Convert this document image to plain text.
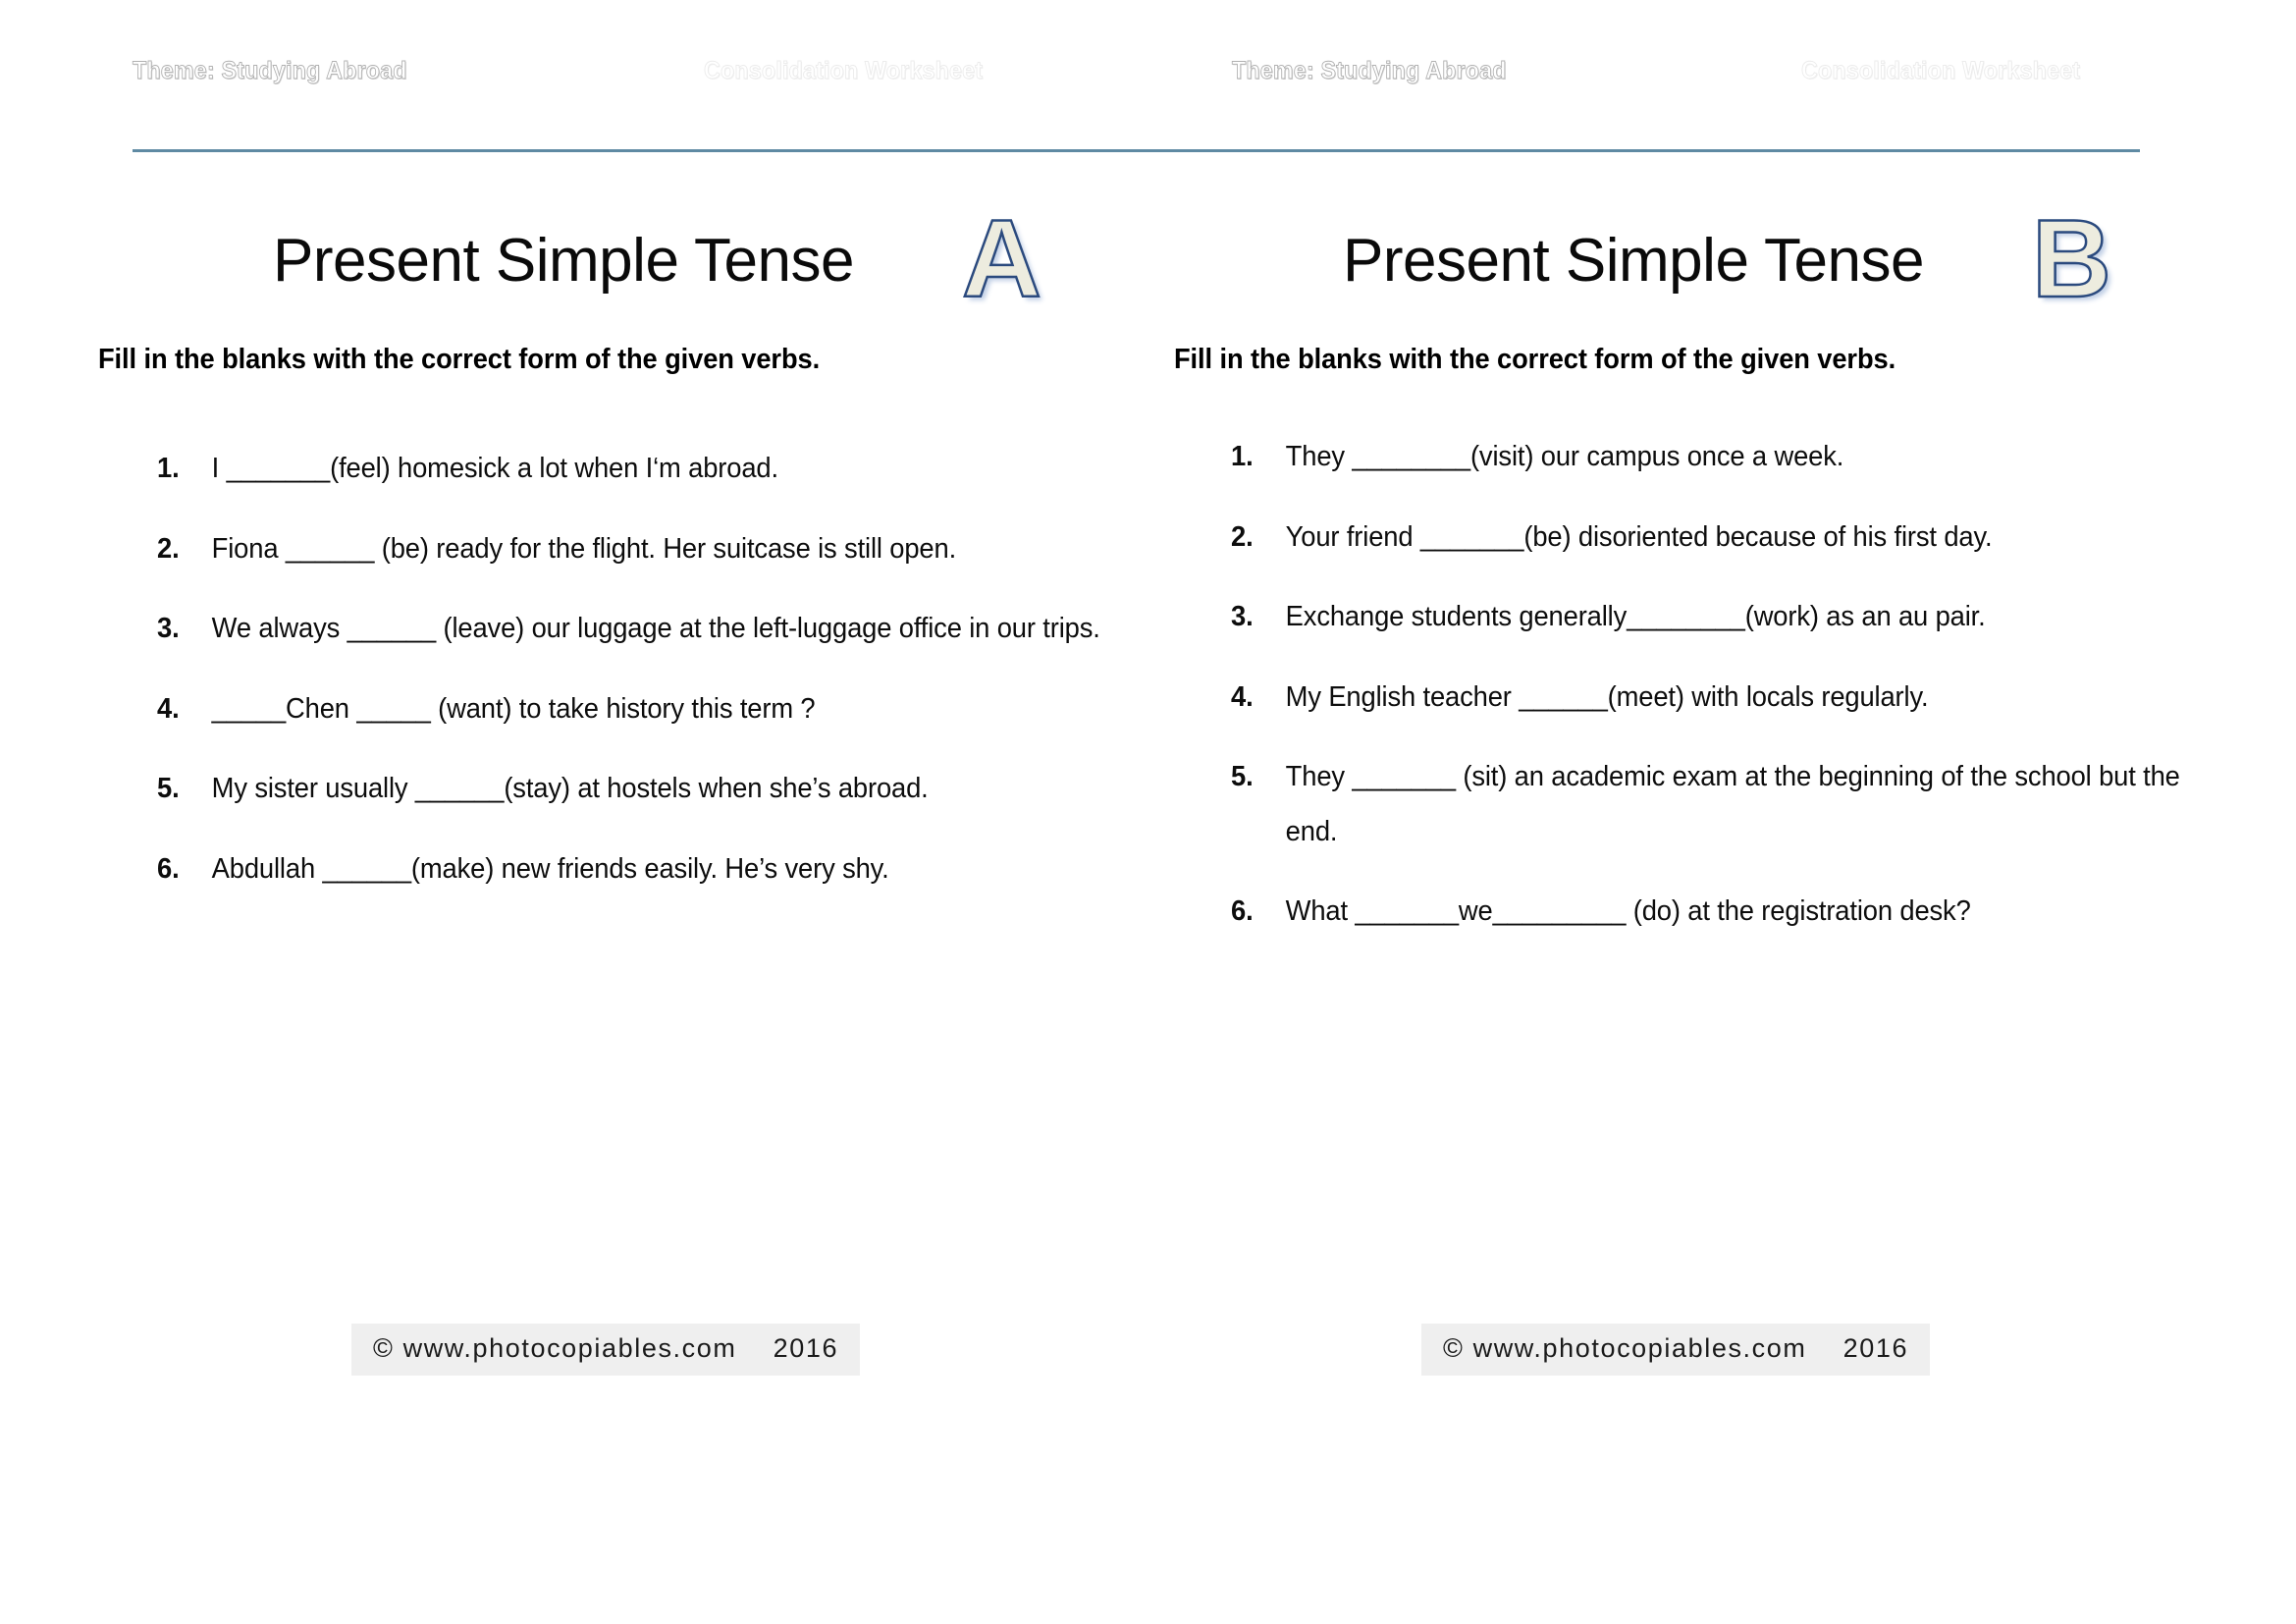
Theme: Studying Abroad	Consolidation Worksheet	Theme: Studying Abroad	Consolidation Worksheet
Present Simple Tense A
Fill in the blanks with the correct form of the given verbs.
1. I _______(feel) homesick a lot when I‘m abroad.
2. Fiona ______ (be) ready for the flight. Her suitcase is still open.
3. We always ______ (leave) our luggage at the left-luggage office in our trips.
4. _____Chen _____ (want) to take history this term ?
5. My sister usually ______(stay) at hostels when she’s abroad.
6. Abdullah ______(make) new friends easily. He’s very shy.
Present Simple Tense B
Fill in the blanks with the correct form of the given verbs.
1. They ________(visit) our campus once a week.
2. Your friend _______(be) disoriented because of his first day.
3. Exchange students generally________(work) as an au pair.
4. My English teacher ______(meet) with locals regularly.
5. They _______ (sit) an academic exam at the beginning of the school but the end.
6. What _______we_________ (do) at the registration desk?
© www.photocopiables.com 2016	© www.photocopiables.com 2016
